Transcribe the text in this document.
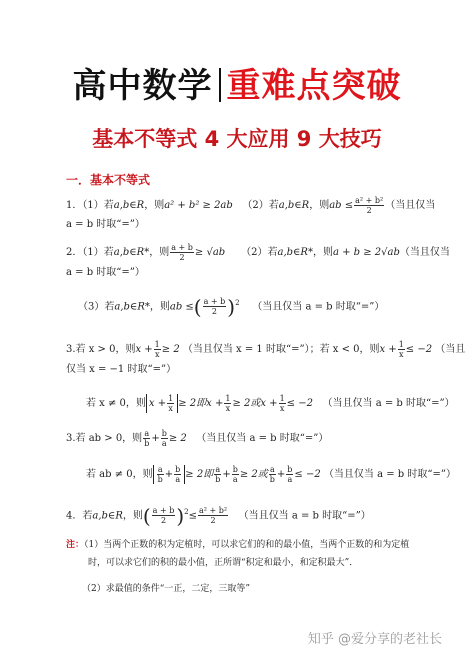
高中数学 重难点突破
基本不等式 4 大应用 9 大技巧
一．基本不等式
1．（1）若a,b∈R，则a² + b² ≥ 2ab （2）若a,b∈R，则ab ≤ $\frac{\text{a² + b²}}{2}$ （当且仅当
a = b 时取“=”）
2．（1）若a,b∈R*，则 $\frac{a + b}{2} \ge √ab$ （2）若a,b∈R*，则a + b ≥ 2√ab（当且仅当
a = b 时取“=”）
（3）若a,b∈R*，则ab ≤( $\frac{a + b}{2} )^2$ （当且仅当 a = b 时取“=”）
3.若 x > 0，则$x + \frac{1}{x} \ge 2$ （当且仅当 x = 1 时取“=”）；若 x < 0，则$x + \frac{1}{x} \le -2$ （当且
仅当 x = −1 时取“=”）
若 x ≠ 0，则 $x + \frac{1}{x} \ge 2$即$x + \frac{1}{x} \ge 2$或$x + \frac{1}{x} \le -2$ （当且仅当 a = b 时取“=”）
3.若 ab > 0，则 $\frac{a}{b} + \frac{b}{a} \ge 2$ （当且仅当 a = b 时取“=”）
若 ab ≠ 0，则 $\frac{a}{b} + \frac{b}{a} \ge 2$即 $\frac{a}{b} + \frac{b}{a} \ge 2$或 $\frac{a}{b} + \frac{b}{a} \le -2$ （当且仅当 a = b 时取“=”）
4．若a,b∈R，则( $\frac{a + b}{2} )^2\le \frac{\text{a² + b²}}{2}$ （当且仅当 a = b 时取“=”）
注：（1）当两个正数的积为定植时，可以求它们的和的最小值，当两个正数的和为定植
时，可以求它们的积的最小值，正所谓“积定和最小，和定积最大”．
（2）求最值的条件“一正，二定，三取等”
知乎 @爱分享的老社长
